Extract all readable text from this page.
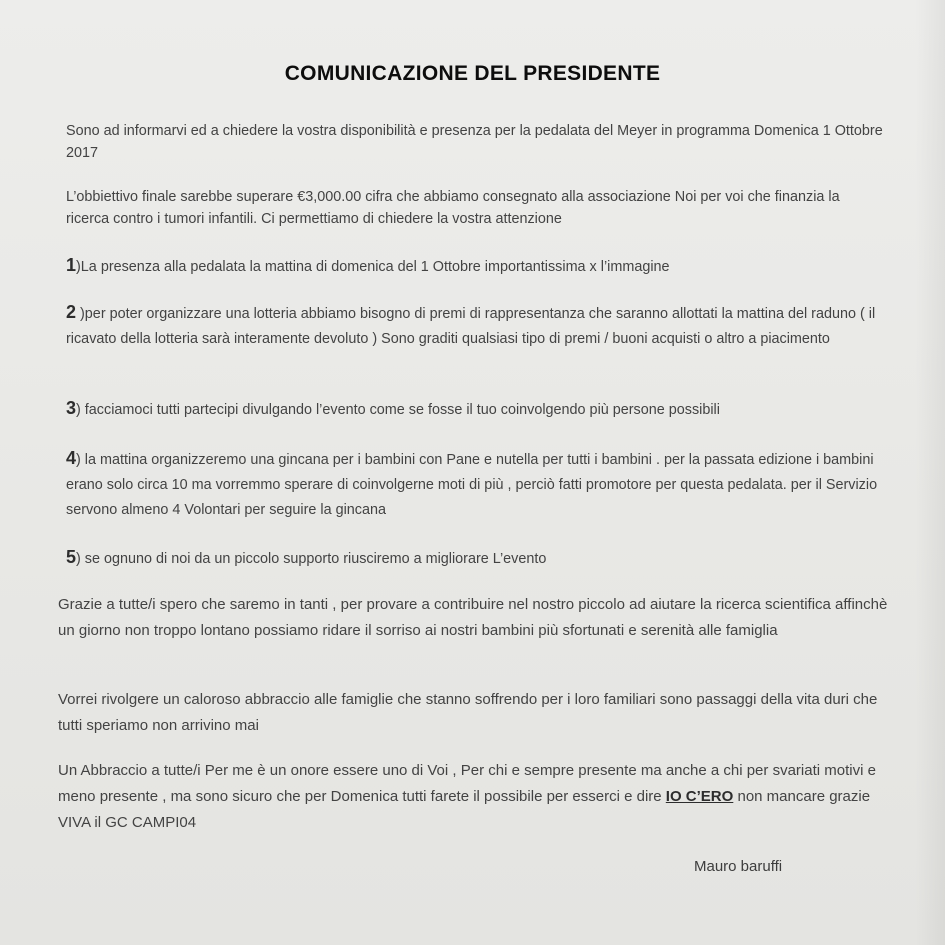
COMUNICAZIONE DEL PRESIDENTE

Sono ad informarvi ed a chiedere la vostra disponibilità e presenza per la pedalata del Meyer in programma Domenica 1 Ottobre 2017

L’obbiettivo finale sarebbe superare €3,000.00 cifra che abbiamo consegnato alla associazione Noi per voi che finanzia la ricerca contro i tumori infantili. Ci permettiamo di chiedere la vostra attenzione

1)La presenza alla pedalata la mattina di domenica del 1 Ottobre importantissima x l’immagine

2 )per poter organizzare una lotteria abbiamo bisogno di premi di rappresentanza che saranno allottati la mattina del raduno ( il ricavato della lotteria sarà interamente devoluto ) Sono graditi qualsiasi tipo di premi / buoni acquisti o altro a piacimento

3) facciamoci tutti partecipi divulgando l’evento come se fosse il tuo coinvolgendo più persone possibili

4) la mattina organizzeremo una gincana per i bambini con Pane e nutella per tutti i bambini . per la passata edizione i bambini erano solo circa 10 ma vorremmo sperare di coinvolgerne moti di più , perciò fatti promotore per questa pedalata. per il Servizio servono almeno 4 Volontari per seguire la gincana

5) se ognuno di noi da un piccolo supporto riusciremo a migliorare L’evento

Grazie a tutte/i spero che saremo in tanti , per provare a contribuire nel nostro piccolo ad aiutare la ricerca scientifica affinchè un giorno non troppo lontano possiamo ridare il sorriso ai nostri bambini più sfortunati e serenità alle famiglia

Vorrei rivolgere un caloroso abbraccio alle famiglie che stanno soffrendo per i loro familiari sono passaggi della vita duri che tutti speriamo non arrivino mai

Un Abbraccio a tutte/i Per me è un onore essere uno di Voi , Per chi e sempre presente ma anche a chi per svariati motivi e meno presente , ma sono sicuro che per Domenica tutti farete il possibile per esserci e dire IO C’ERO non mancare grazie VIVA il GC CAMPI04

Mauro baruffi
